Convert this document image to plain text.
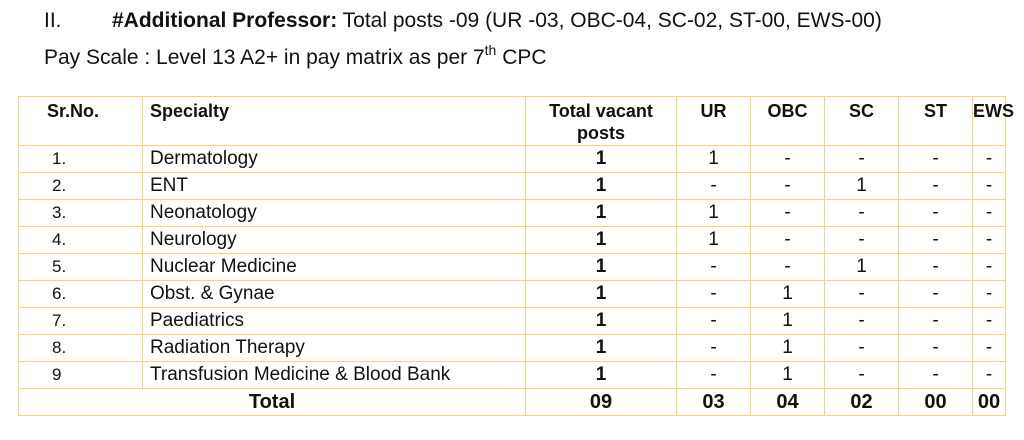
II. #Additional Professor: Total posts -09 (UR -03, OBC-04, SC-02, ST-00, EWS-00)
Pay Scale : Level 13 A2+ in pay matrix as per 7th CPC
Sr.No.	Specialty	Total vacant posts	UR	OBC	SC	ST	EWS
1.	Dermatology	1	1	-	-	-	-
2.	ENT	1	-	-	1	-	-
3.	Neonatology	1	1	-	-	-	-
4.	Neurology	1	1	-	-	-	-
5.	Nuclear Medicine	1	-	-	1	-	-
6.	Obst. & Gynae	1	-	1	-	-	-
7.	Paediatrics	1	-	1	-	-	-
8.	Radiation Therapy	1	-	1	-	-	-
9	Transfusion Medicine & Blood Bank	1	-	1	-	-	-
Total		09	03	04	02	00	00
